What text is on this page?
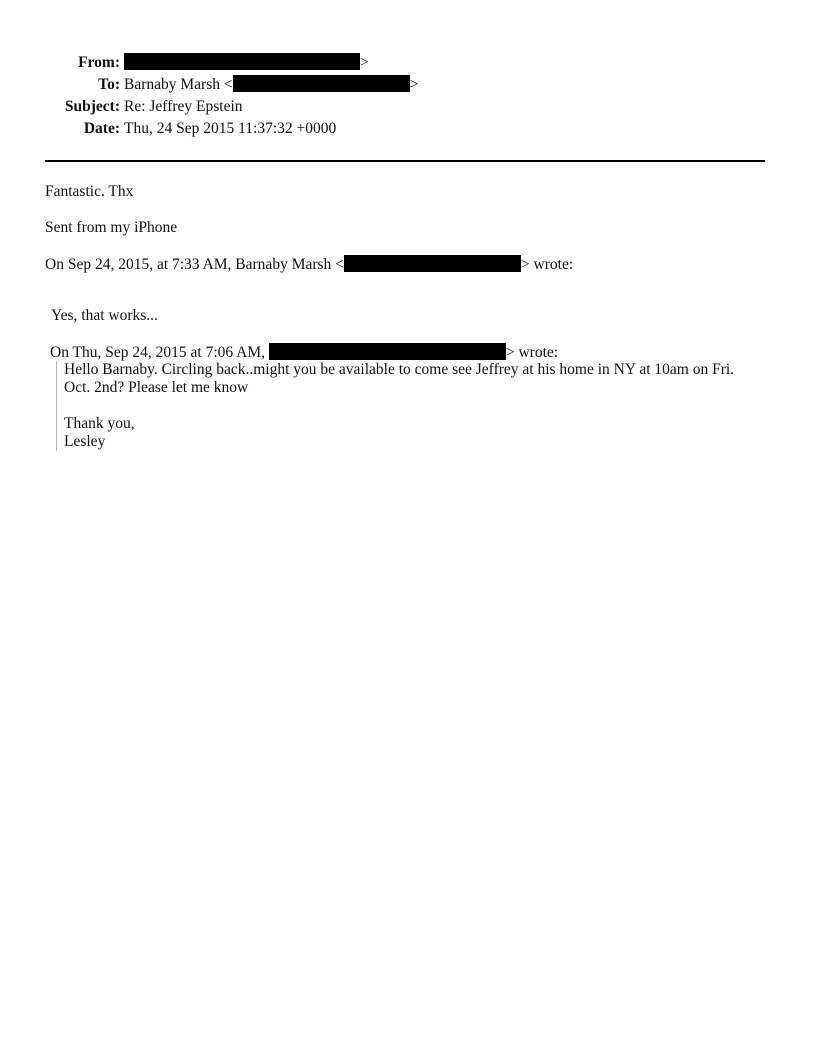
From:	>
To: Barnaby Marsh <	>
Subject: Re: Jeffrey Epstein
Date: Thu, 24 Sep 2015 11:37:32 +0000
Fantastic. Thx
Sent from my iPhone
On Sep 24, 2015, at 7:33 AM, Barnaby Marsh <	> wrote:
Yes, that works...
On Thu, Sep 24, 2015 at 7:06 AM,	> wrote:
Hello Barnaby. Circling back..might you be available to come see Jeffrey at his home in NY at 10am on Fri.
Oct. 2nd? Please let me know
Thank you,
Lesley
